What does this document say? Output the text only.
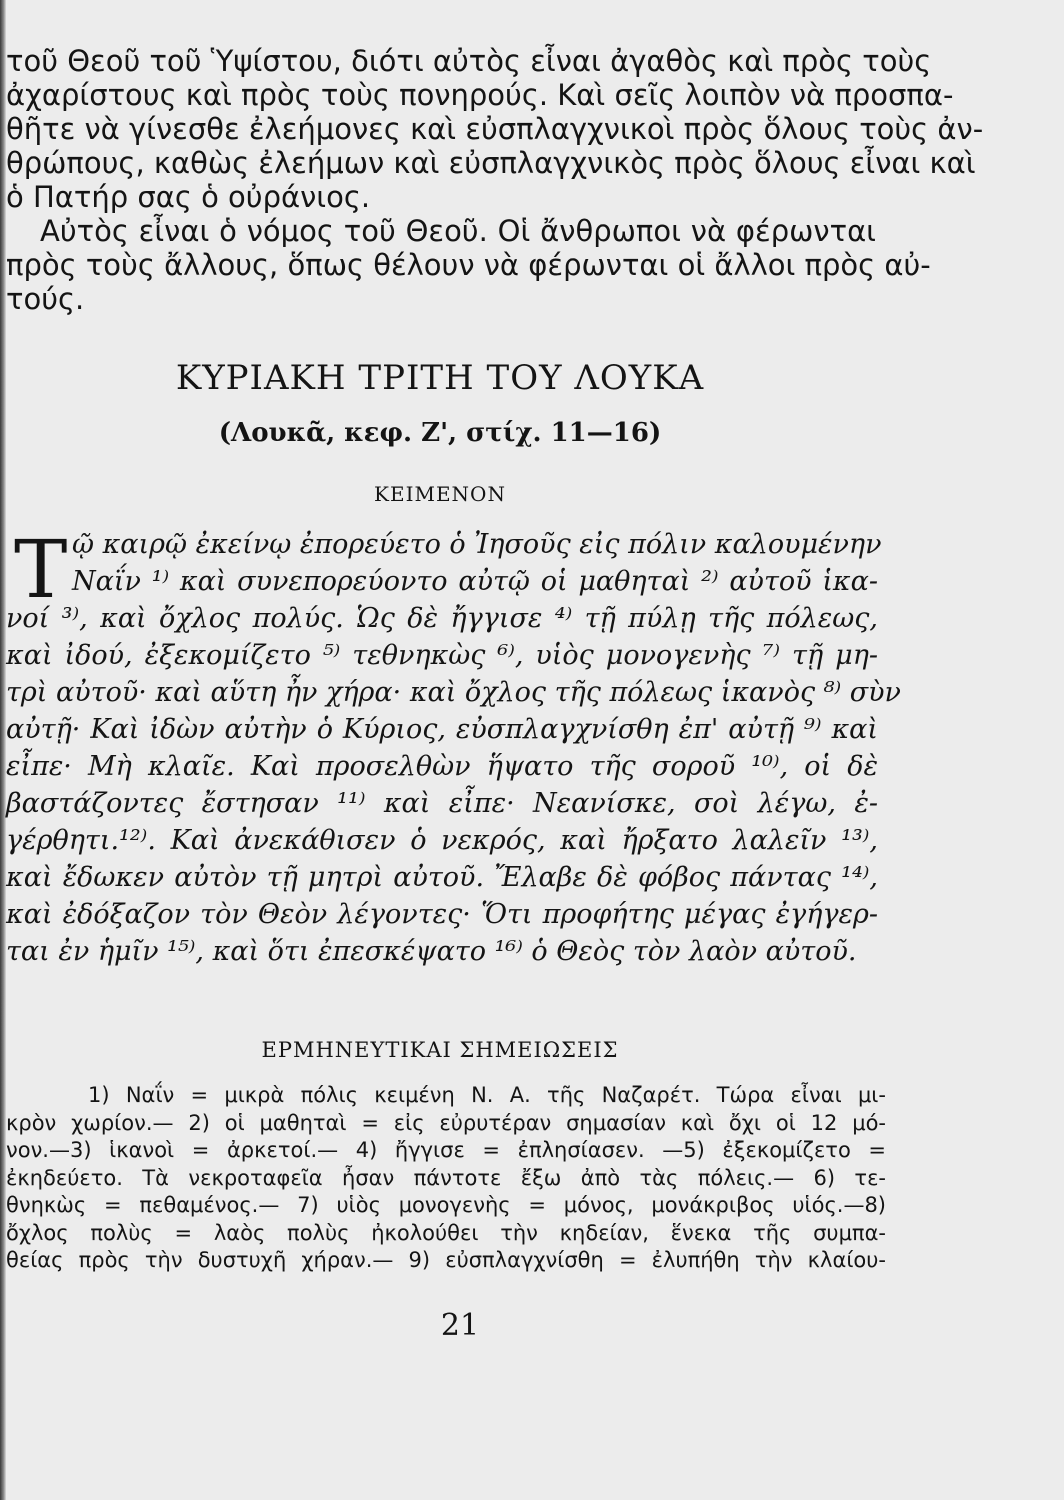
τοῦ Θεοῦ τοῦ Ὑψίστου, διότι αὐτὸς εἶναι ἀγαθὸς καὶ πρὸς τοὺς
ἀχαρίστους καὶ πρὸς τοὺς πονηρούς. Καὶ σεῖς λοιπὸν νὰ προσπα-
θῆτε νὰ γίνεσθε ἐλεήμονες καὶ εὐσπλαγχνικοὶ πρὸς ὅλους τοὺς ἀν-
θρώπους, καθὼς ἐλεήμων καὶ εὐσπλαγχνικὸς πρὸς ὅλους εἶναι καὶ
ὁ Πατήρ σας ὁ οὐράνιος.
Αὐτὸς εἶναι ὁ νόμος τοῦ Θεοῦ. Οἱ ἄνθρωποι νὰ φέρωνται
πρὸς τοὺς ἄλλους, ὅπως θέλουν νὰ φέρωνται οἱ ἄλλοι πρὸς αὐ-
τούς.
ΚΥΡΙΑΚΗ ΤΡΙΤΗ ΤΟΥ ΛΟΥΚΑ
(Λουκᾶ, κεφ. Ζ', στίχ. 11—16)
ΚΕΙΜΕΝΟΝ
Τ ῷ καιρῷ ἐκείνῳ ἐπορεύετο ὁ Ἰησοῦς εἰς πόλιν καλουμένην
Ναΐν ¹⁾ καὶ συνεπορεύοντο αὐτῷ οἱ μαθηταὶ ²⁾ αὐτοῦ ἱκα-
νοί ³⁾, καὶ ὄχλος πολύς. Ὡς δὲ ἤγγισε ⁴⁾ τῇ πύλῃ τῆς πόλεως,
καὶ ἰδού, ἐξεκομίζετο ⁵⁾ τεθνηκὼς ⁶⁾, υἱὸς μονογενὴς ⁷⁾ τῇ μη-
τρὶ αὐτοῦ· καὶ αὕτη ἦν χήρα· καὶ ὄχλος τῆς πόλεως ἱκανὸς ⁸⁾ σὺν
αὐτῇ· Καὶ ἰδὼν αὐτὴν ὁ Κύριος, εὐσπλαγχνίσθη ἐπ' αὐτῇ ⁹⁾ καὶ
εἶπε· Μὴ κλαῖε. Καὶ προσελθὼν ἥψατο τῆς σοροῦ ¹⁰⁾, οἱ δὲ
βαστάζοντες ἔστησαν ¹¹⁾ καὶ εἶπε· Νεανίσκε, σοὶ λέγω, ἐ-
γέρθητι.¹²⁾. Καὶ ἀνεκάθισεν ὁ νεκρός, καὶ ἤρξατο λαλεῖν ¹³⁾,
καὶ ἔδωκεν αὐτὸν τῇ μητρὶ αὐτοῦ. Ἔλαβε δὲ φόβος πάντας ¹⁴⁾,
καὶ ἐδόξαζον τὸν Θεὸν λέγοντες· Ὅτι προφήτης μέγας ἐγήγερ-
ται ἐν ἡμῖν ¹⁵⁾, καὶ ὅτι ἐπεσκέψατο ¹⁶⁾ ὁ Θεὸς τὸν λαὸν αὐτοῦ.
ΕΡΜΗΝΕΥΤΙΚΑΙ ΣΗΜΕΙΩΣΕΙΣ
1) Ναΐν = μικρὰ πόλις κειμένη Ν. Α. τῆς Ναζαρέτ. Τώρα εἶναι μι-
κρὸν χωρίον.— 2) οἱ μαθηταὶ = εἰς εὐρυτέραν σημασίαν καὶ ὄχι οἱ 12 μό-
νον.—3) ἱκανοὶ = ἀρκετοί.— 4) ἤγγισε = ἐπλησίασεν. —5) ἐξεκομίζετο =
ἐκηδεύετο. Τὰ νεκροταφεῖα ἦσαν πάντοτε ἔξω ἀπὸ τὰς πόλεις.— 6) τε-
θνηκὼς = πεθαμένος.— 7) υἱὸς μονογενὴς = μόνος, μονάκριβος υἱός.—8)
ὄχλος πολὺς = λαὸς πολὺς ἠκολούθει τὴν κηδείαν, ἕνεκα τῆς συμπα-
θείας πρὸς τὴν δυστυχῆ χήραν.— 9) εὐσπλαγχνίσθη = ἐλυπήθη τὴν κλαίου-
21
